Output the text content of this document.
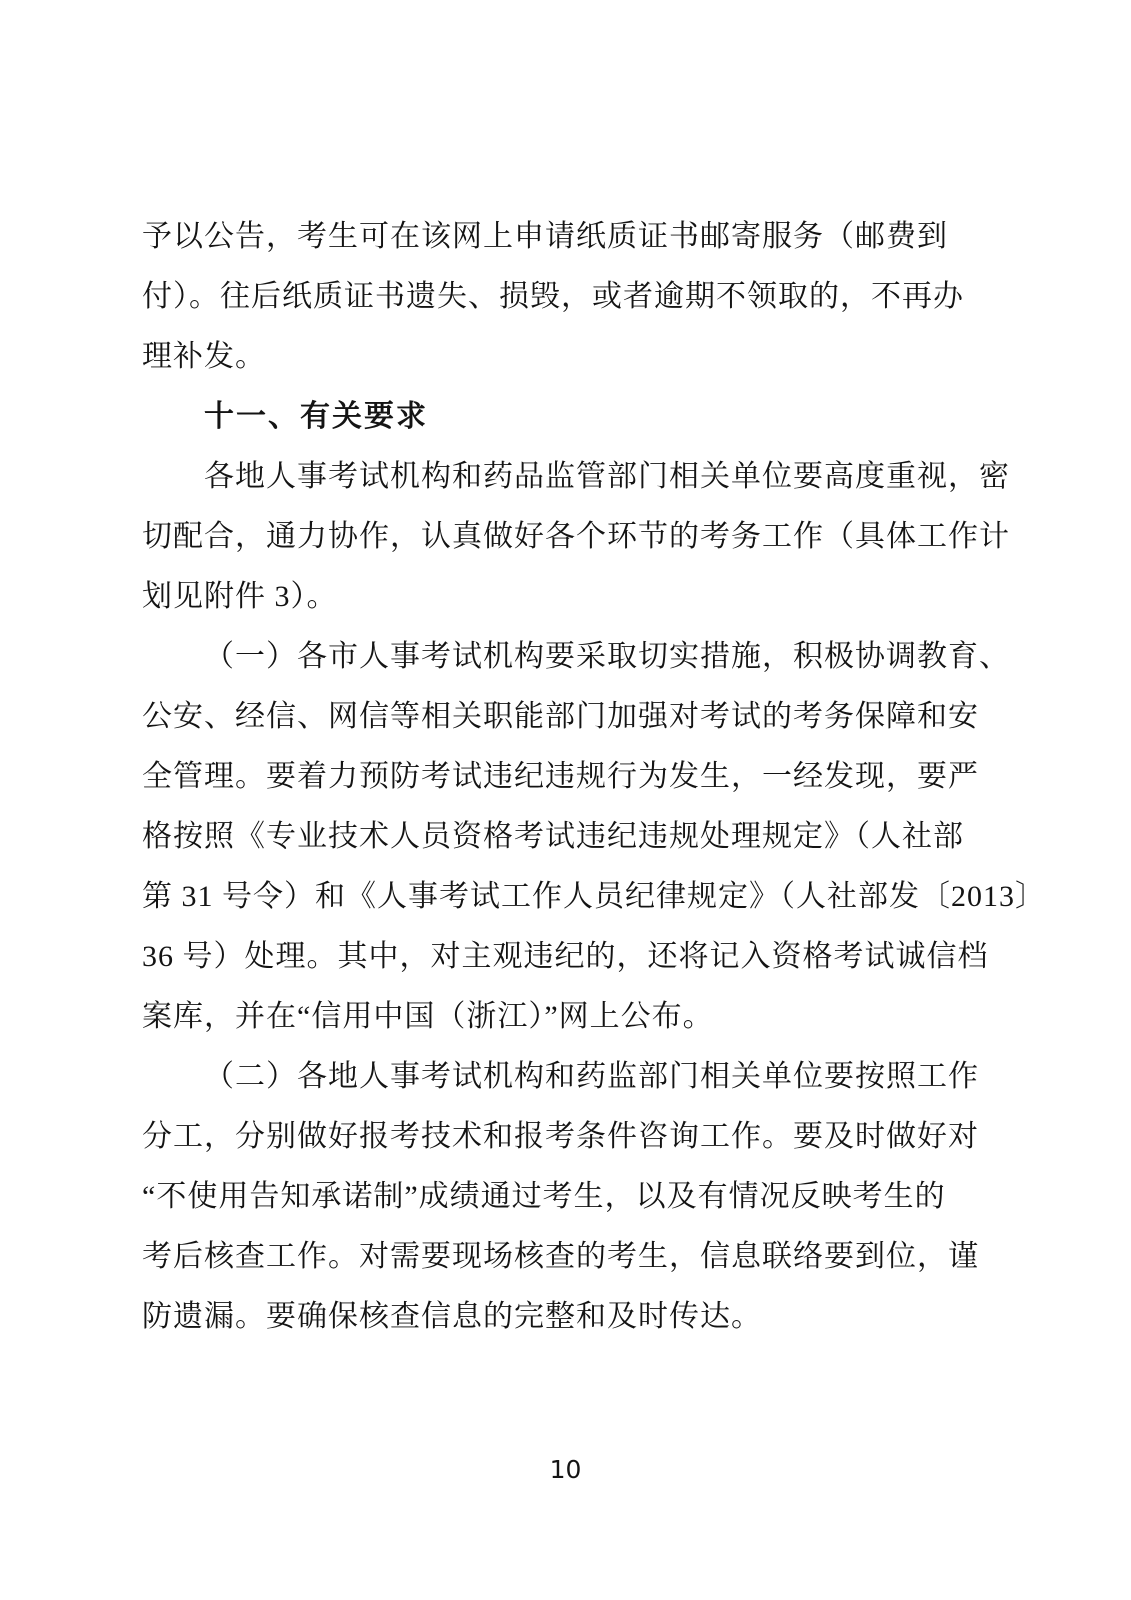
予以公告，考生可在该网上申请纸质证书邮寄服务（邮费到
付）。往后纸质证书遗失、损毁，或者逾期不领取的，不再办
理补发。
十一、有关要求
各地人事考试机构和药品监管部门相关单位要高度重视，密
切配合，通力协作，认真做好各个环节的考务工作（具体工作计
划见附件 3）。
（一）各市人事考试机构要采取切实措施，积极协调教育、
公安、经信、网信等相关职能部门加强对考试的考务保障和安
全管理。要着力预防考试违纪违规行为发生，一经发现，要严
格按照《专业技术人员资格考试违纪违规处理规定》（人社部
第 31 号令）和《人事考试工作人员纪律规定》（人社部发〔2013〕
36 号）处理。其中，对主观违纪的，还将记入资格考试诚信档
案库，并在“信用中国（浙江）”网上公布。
（二）各地人事考试机构和药监部门相关单位要按照工作
分工，分别做好报考技术和报考条件咨询工作。要及时做好对
“不使用告知承诺制”成绩通过考生，以及有情况反映考生的
考后核查工作。对需要现场核查的考生，信息联络要到位，谨
防遗漏。要确保核查信息的完整和及时传达。
10
